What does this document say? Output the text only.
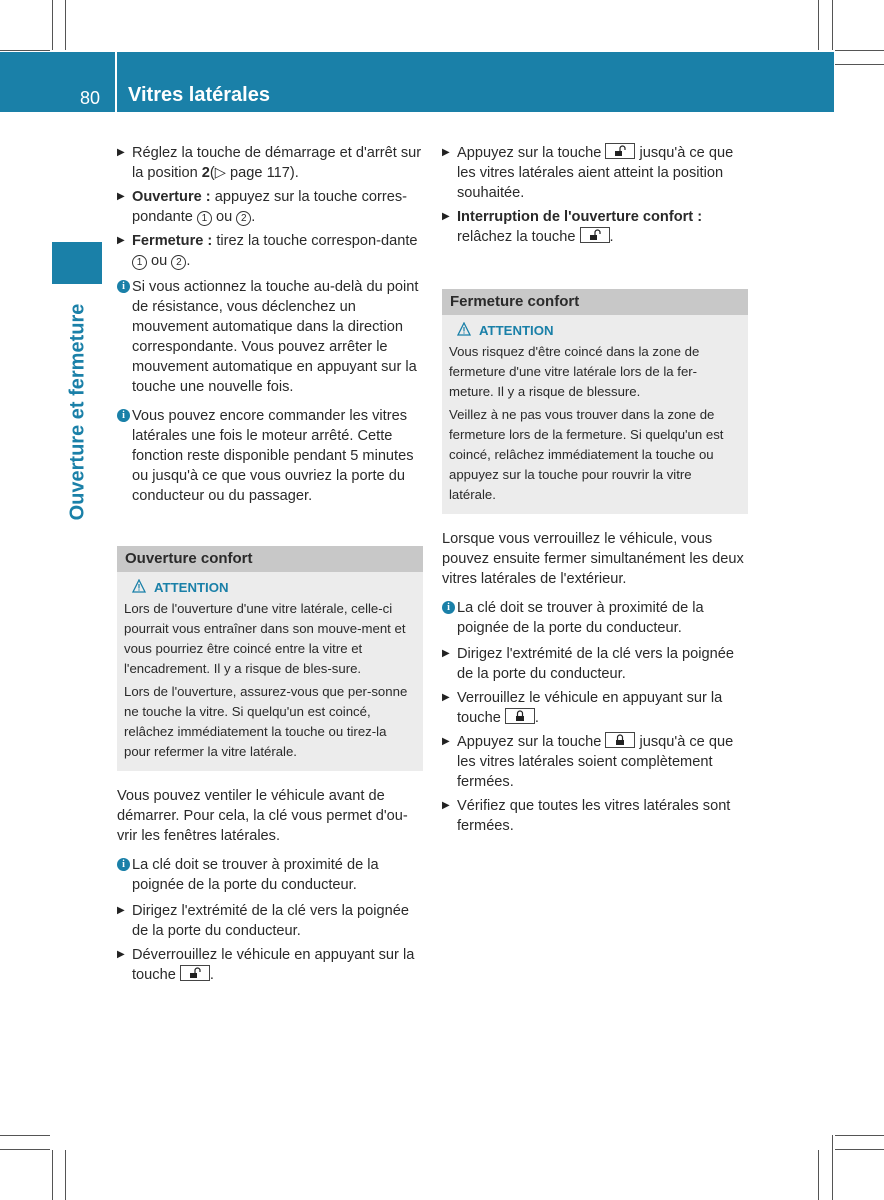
80 Vitres latérales
Ouverture et fermeture
▶ Réglez la touche de démarrage et d'arrêt sur la position 2(▷ page 117).
▶ Ouverture : appuyez sur la touche corres-pondante 1 ou 2 .
▶ Fermeture : tirez la touche correspon-dante 1 ou 2 .
i Si vous actionnez la touche au-delà du point de résistance, vous déclenchez un mouvement automatique dans la direction correspondante. Vous pouvez arrêter le mouvement automatique en appuyant sur la touche une nouvelle fois.
i Vous pouvez encore commander les vitres latérales une fois le moteur arrêté. Cette fonction reste disponible pendant 5 minutes ou jusqu'à ce que vous ouvriez la porte du conducteur ou du passager.
Ouverture confort
ATTENTION

Lors de l'ouverture d'une vitre latérale, celle-ci pourrait vous entraîner dans son mouve-ment et vous pourriez être coincé entre la vitre et l'encadrement. Il y a risque de bles-sure.

Lors de l'ouverture, assurez-vous que per-sonne ne touche la vitre. Si quelqu'un est coincé, relâchez immédiatement la touche ou tirez-la pour refermer la vitre latérale.

Vous pouvez ventiler le véhicule avant de démarrer. Pour cela, la clé vous permet d'ou-vrir les fenêtres latérales.

i La clé doit se trouver à proximité de la poignée de la porte du conducteur.
▶ Dirigez l'extrémité de la clé vers la poignée de la porte du conducteur.
▶ Déverrouillez le véhicule en appuyant sur la touche
.
▶ Appuyez sur la touche
jusqu'à ce que les vitres latérales aient atteint la position souhaitée.
▶ Interruption de l'ouverture confort :
relâchez la touche
.
Fermeture confort
ATTENTION

Vous risquez d'être coincé dans la zone de fermeture d'une vitre latérale lors de la fer-meture. Il y a risque de blessure.

Veillez à ne pas vous trouver dans la zone de fermeture lors de la fermeture. Si quelqu'un est coincé, relâchez immédiatement la touche ou appuyez sur la touche pour rouvrir la vitre latérale.

Lorsque vous verrouillez le véhicule, vous pouvez ensuite fermer simultanément les deux vitres latérales de l'extérieur.

i La clé doit se trouver à proximité de la poignée de la porte du conducteur.
▶ Dirigez l'extrémité de la clé vers la poignée de la porte du conducteur.
▶ Verrouillez le véhicule en appuyant sur la touche
.
▶ Appuyez sur la touche
jusqu'à ce que les vitres latérales soient complètement fermées.
▶ Vérifiez que toutes les vitres latérales sont fermées.
